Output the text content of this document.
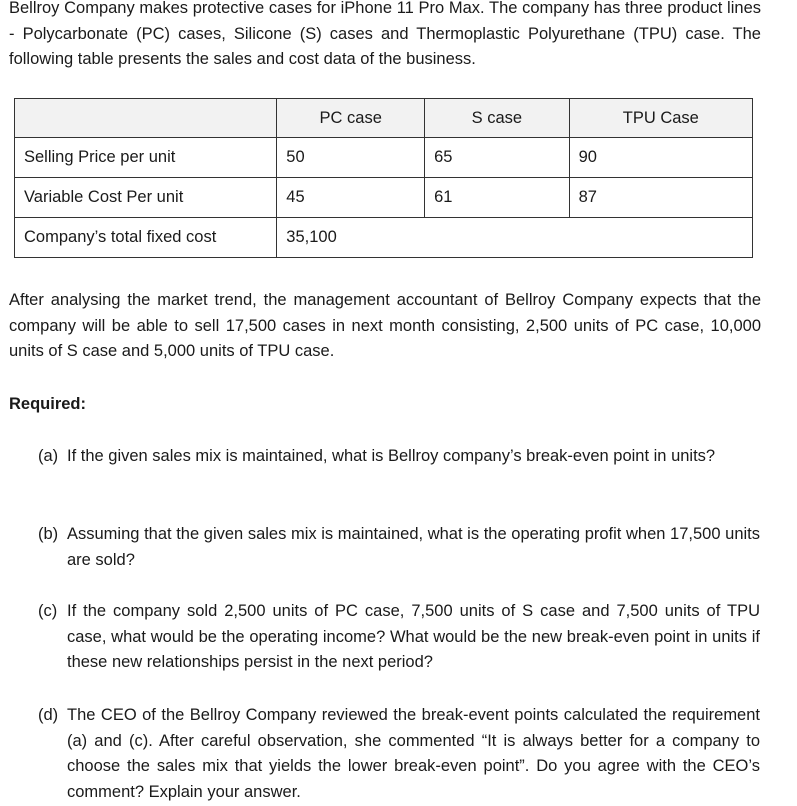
Bellroy Company makes protective cases for iPhone 11 Pro Max. The company has three product lines - Polycarbonate (PC) cases, Silicone (S) cases and Thermoplastic Polyurethane (TPU) case. The following table presents the sales and cost data of the business.

	PC case	S case	TPU Case
Selling Price per unit	50	65	90
Variable Cost Per unit	45	61	87
Company’s total fixed cost	35,100		

After analysing the market trend, the management accountant of Bellroy Company expects that the company will be able to sell 17,500 cases in next month consisting, 2,500 units of PC case, 10,000 units of S case and 5,000 units of TPU case.

Required:

(a) If the given sales mix is maintained, what is Bellroy company’s break-even point in units?
(b) Assuming that the given sales mix is maintained, what is the operating profit when 17,500 units are sold?
(c) If the company sold 2,500 units of PC case, 7,500 units of S case and 7,500 units of TPU case, what would be the operating income? What would be the new break-even point in units if these new relationships persist in the next period?
(d) The CEO of the Bellroy Company reviewed the break-event points calculated the requirement (a) and (c). After careful observation, she commented “It is always better for a company to choose the sales mix that yields the lower break-even point”. Do you agree with the CEO’s comment? Explain your answer.
